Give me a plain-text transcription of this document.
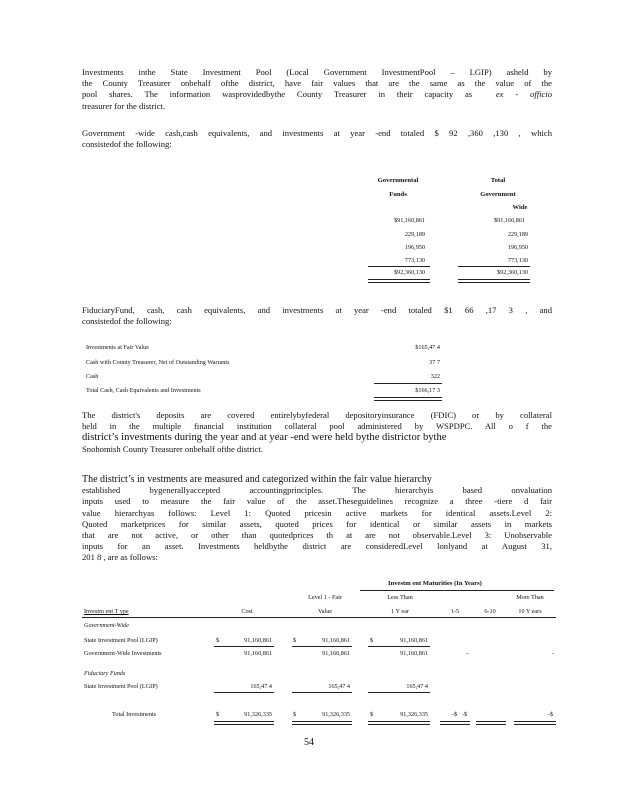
Investments inthe State Investment Pool (Local Government InvestmentPool – LGIP) asheld by
the County Treasurer onbehalf ofthe district, have fair values that are the same as the value of the
pool shares. The information wasprovidedbythe County Treasurer in their capacity as	ex - officio
treasurer for the district.
Government -wide cash,cash equivalents, and investments at year -end totaled $ 92 ,360 ,130 , which
consistedof the following:
Governmental
Funds
Total
Government
Wide
$91,160,861	$91,160,861
229,189	229,189
196,950	196,950
773,130	773,130
$92,360,130	$92,360,130
FiduciaryFund, cash, cash equivalents, and investments at year -end totaled $1 66 ,17 3 , and
consistedof the following:
Investments at Fair Value	$165,47 4
Cash with County Treasurer, Net of Outstanding Warrants	37 7
Cash	322
Total Cash, Cash Equivalents and Investments	$166,17 3
The district's deposits are covered entirelybyfederal depositoryinsurance (FDIC) or by collateral
held in the multiple financial institution collateral pool administered by WSPDPC. All o f the
district’s investments during the year and at year -end were held bythe districtor bythe
Snohomish County Treasurer onbehalf ofthe district.
The district’s in vestments are measured and categorized within the fair value hierarchy
established bygenerallyaccepted accountingprinciples. The hierarchyis based onvaluation
inputs used to measure the fair value of the asset.Theseguidelines recognize a three -tiere d fair
value hierarchyas follows: Level 1: Quoted pricesin active markets for identical assets.Level 2:
Quoted marketprices for similar assets, quoted prices for identical or similar assets in markets
that are not active, or other than quotedprices th at are not observable.Level 3: Unobservable
inputs for an asset. Investments heldbythe district are consideredLevel lonlyand at August 31,
201 8 , are as follows:
Investm ent Maturities (In Years)
Level 1 - Fair	Less Than	More Than
Investm ent T ype	Cost	Value	1 Y ear	1-5	6-10	10 Y ears
Government-Wide
State Investment Pool (LGIP)	$	91,160,861	$	91,160,861	$	91,160,861
Government-Wide Investments	91,160,861	91,160,861	91,160,861	–	-
Fiduciary Funds
State Investment Pool (LGIP)	165,47 4	165,47 4	165,47 4
Total Investments	$	91,326,335	$	91,326,335	$	91,326,335	-$ -$	-$
54
